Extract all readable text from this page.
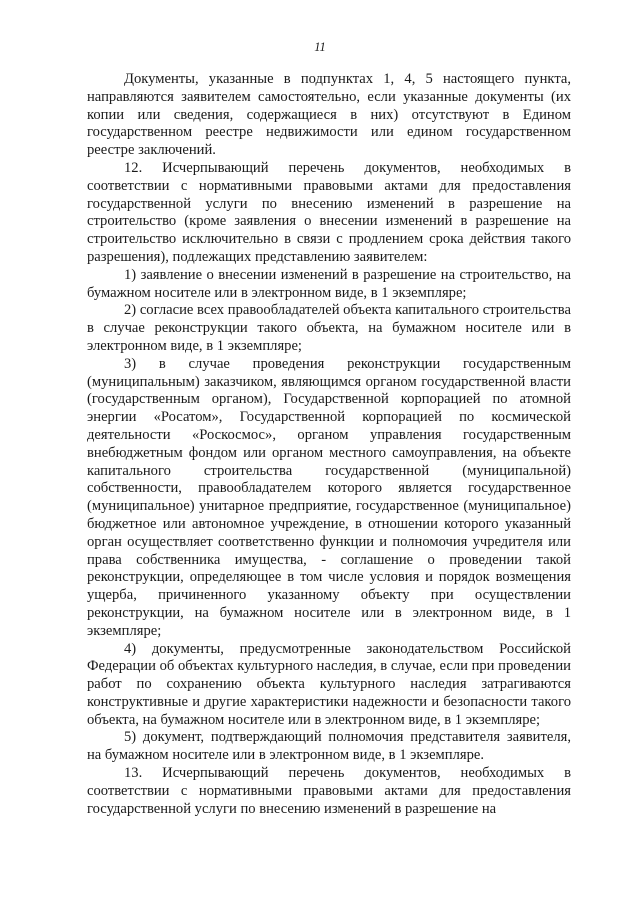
11

Документы, указанные в подпунктах 1, 4, 5 настоящего пункта, направляются заявителем самостоятельно, если указанные документы (их копии или сведения, содержащиеся в них) отсутствуют в Едином государственном реестре недвижимости или едином государственном реестре заключений.

12. Исчерпывающий перечень документов, необходимых в соответствии с нормативными правовыми актами для предоставления государственной услуги по внесению изменений в разрешение на строительство (кроме заявления о внесении изменений в разрешение на строительство исключительно в связи с продлением срока действия такого разрешения), подлежащих представлению заявителем:

1) заявление о внесении изменений в разрешение на строительство, на бумажном носителе или в электронном виде, в 1 экземпляре;

2) согласие всех правообладателей объекта капитального строительства в случае реконструкции такого объекта, на бумажном носителе или в электронном виде, в 1 экземпляре;

3) в случае проведения реконструкции государственным (муниципальным) заказчиком, являющимся органом государственной власти (государственным органом), Государственной корпорацией по атомной энергии «Росатом», Государственной корпорацией по космической деятельности «Роскосмос», органом управления государственным внебюджетным фондом или органом местного самоуправления, на объекте капитального строительства государственной (муниципальной) собственности, правообладателем которого является государственное (муниципальное) унитарное предприятие, государственное (муниципальное) бюджетное или автономное учреждение, в отношении которого указанный орган осуществляет соответственно функции и полномочия учредителя или права собственника имущества, - соглашение о проведении такой реконструкции, определяющее в том числе условия и порядок возмещения ущерба, причиненного указанному объекту при осуществлении реконструкции, на бумажном носителе или в электронном виде, в 1 экземпляре;

4) документы, предусмотренные законодательством Российской Федерации об объектах культурного наследия, в случае, если при проведении работ по сохранению объекта культурного наследия затрагиваются конструктивные и другие характеристики надежности и безопасности такого объекта, на бумажном носителе или в электронном виде, в 1 экземпляре;

5) документ, подтверждающий полномочия представителя заявителя, на бумажном носителе или в электронном виде, в 1 экземпляре.

13. Исчерпывающий перечень документов, необходимых в соответствии с нормативными правовыми актами для предоставления государственной услуги по внесению изменений в разрешение на
